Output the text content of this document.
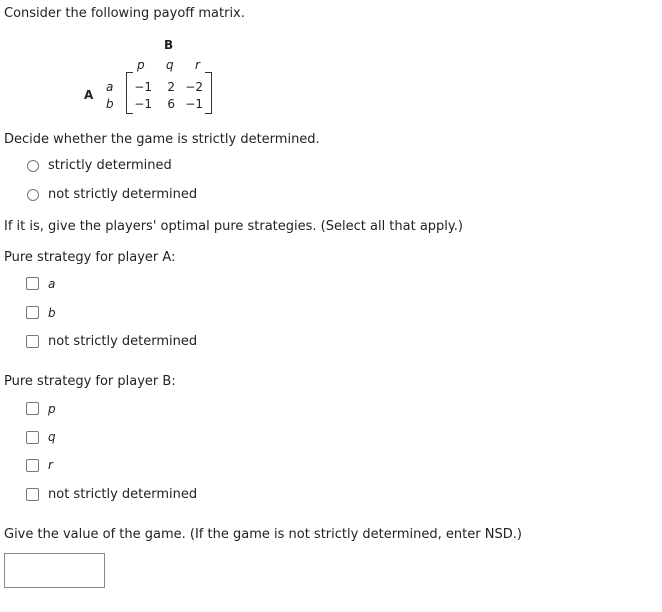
Consider the following payoff matrix.
B
A
p q r
a
b
−1	2 −2
−1	6 −1
Decide whether the game is strictly determined.
strictly determined
not strictly determined
If it is, give the players' optimal pure strategies. (Select all that apply.)
Pure strategy for player A:
a
b
not strictly determined
Pure strategy for player B:
p
q
r
not strictly determined
Give the value of the game. (If the game is not strictly determined, enter NSD.)
